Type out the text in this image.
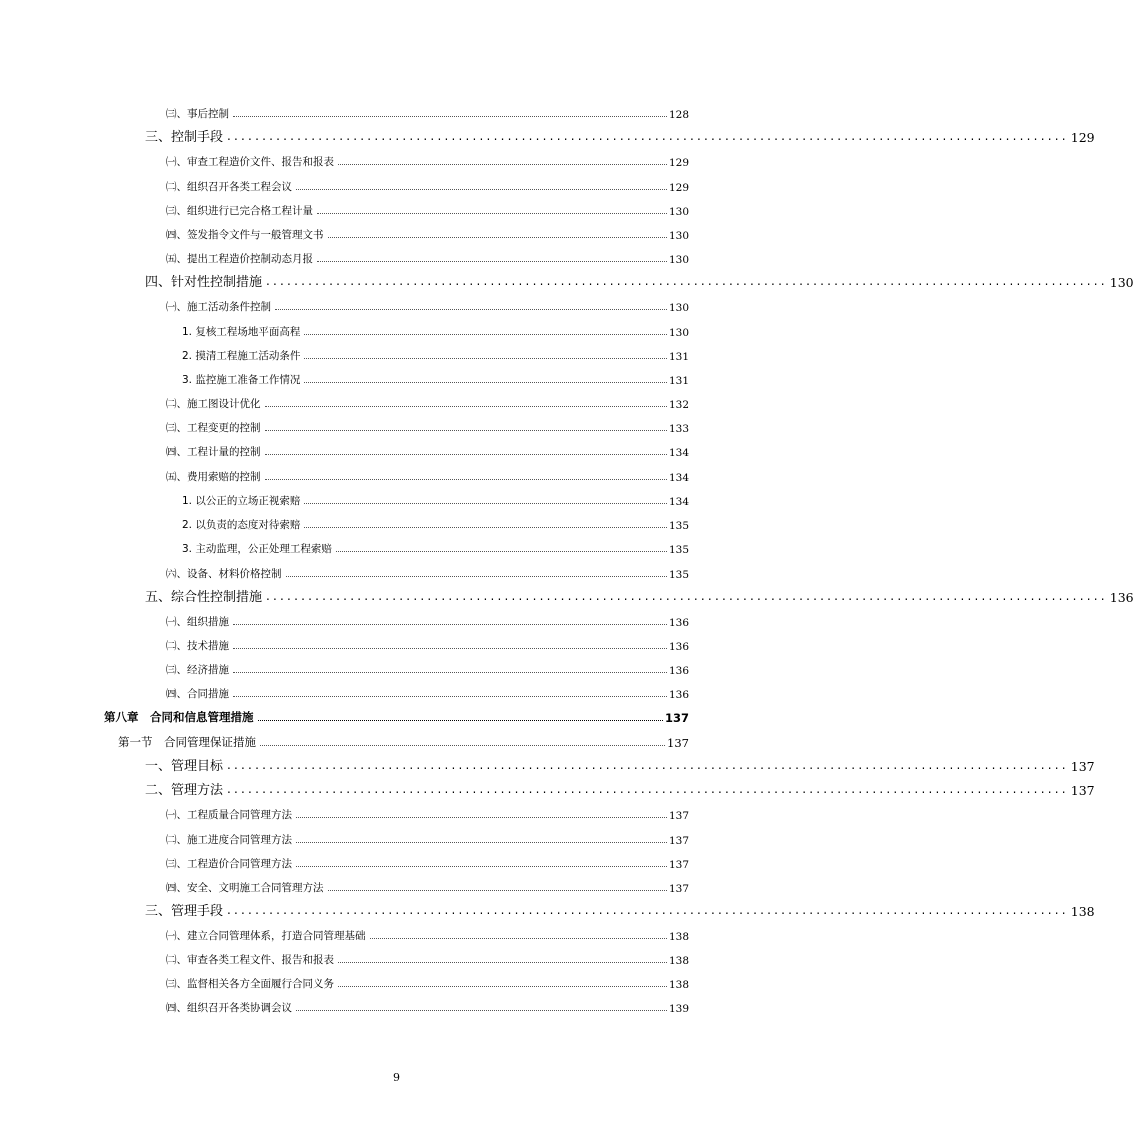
㈢、事后控制	128
三、控制手段 ........................................................................................................................ 129
㈠、审查工程造价文件、报告和报表	129
㈡、组织召开各类工程会议	129
㈢、组织进行已完合格工程计量	130
㈣、签发指令文件与一般管理文书	130
㈤、提出工程造价控制动态月报	130
四、针对性控制措施 ........................................................................................................................ 130
㈠、施工活动条件控制	130
1. 复核工程场地平面高程	130
2. 摸清工程施工活动条件	131
3. 监控施工准备工作情况	131
㈡、施工图设计优化	132
㈢、工程变更的控制	133
㈣、工程计量的控制	134
㈤、费用索赔的控制	134
1. 以公正的立场正视索赔	134
2. 以负责的态度对待索赔	135
3. 主动监理，公正处理工程索赔	135
㈥、设备、材料价格控制	135
五、综合性控制措施 ........................................................................................................................ 136
㈠、组织措施	136
㈡、技术措施	136
㈢、经济措施	136
㈣、合同措施	136
第八章　合同和信息管理措施	137
第一节　合同管理保证措施	137
一、管理目标 ........................................................................................................................ 137
二、管理方法 ........................................................................................................................ 137
㈠、工程质量合同管理方法	137
㈡、施工进度合同管理方法	137
㈢、工程造价合同管理方法	137
㈣、安全、文明施工合同管理方法	137
三、管理手段 ........................................................................................................................ 138
㈠、建立合同管理体系，打造合同管理基础	138
㈡、审查各类工程文件、报告和报表	138
㈢、监督相关各方全面履行合同义务	138
㈣、组织召开各类协调会议	139
9
